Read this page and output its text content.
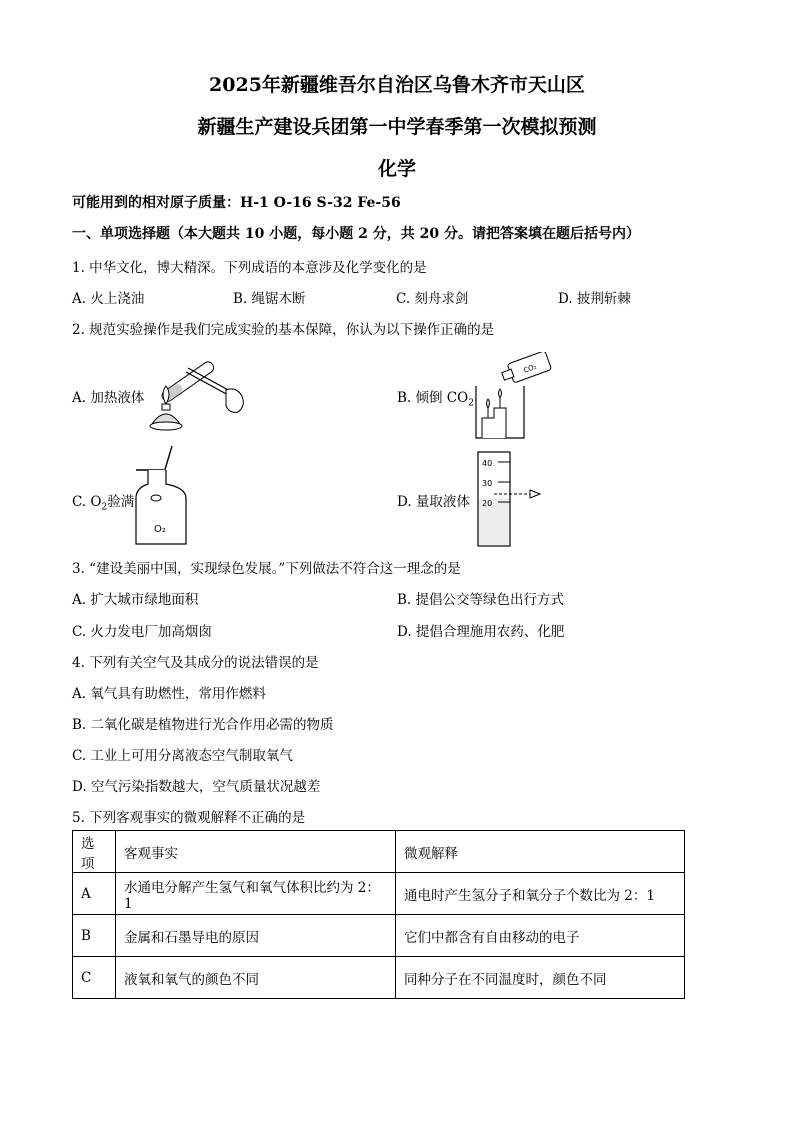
2025年新疆维吾尔自治区乌鲁木齐市天山区
新疆生产建设兵团第一中学春季第一次模拟预测
化学
可能用到的相对原子质量：H-1 O-16 S-32 Fe-56
一、单项选择题（本大题共 10 小题，每小题 2 分，共 20 分。请把答案填在题后括号内）
1. 中华文化，博大精深。下列成语的本意涉及化学变化的是
A. 火上浇油	B. 绳锯木断	C. 刻舟求剑	D. 披荆斩棘
2. 规范实验操作是我们完成实验的基本保障，你认为以下操作正确的是
A. 加热液体	B. 倾倒 $CO_2$
CO₂
C. $O_2$验满
O₂
D. 量取液体
40
30
20
3. “建设美丽中国，实现绿色发展。”下列做法不符合这一理念的是
A. 扩大城市绿地面积	B. 提倡公交等绿色出行方式
C. 火力发电厂加高烟囱	D. 提倡合理施用农药、化肥
4. 下列有关空气及其成分的说法错误的是
A. 氧气具有助燃性，常用作燃料
B. 二氧化碳是植物进行光合作用必需的物质
C. 工业上可用分离液态空气制取氧气
D. 空气污染指数越大，空气质量状况越差
5. 下列客观事实的微观解释不正确的是
选项	客观事实	微观解释
A	水通电分解产生氢气和氧气体积比约为 2：1	通电时产生氢分子和氧分子个数比为 2：1
B	金属和石墨导电的原因	它们中都含有自由移动的电子
C	液氧和氧气的颜色不同	同种分子在不同温度时，颜色不同
